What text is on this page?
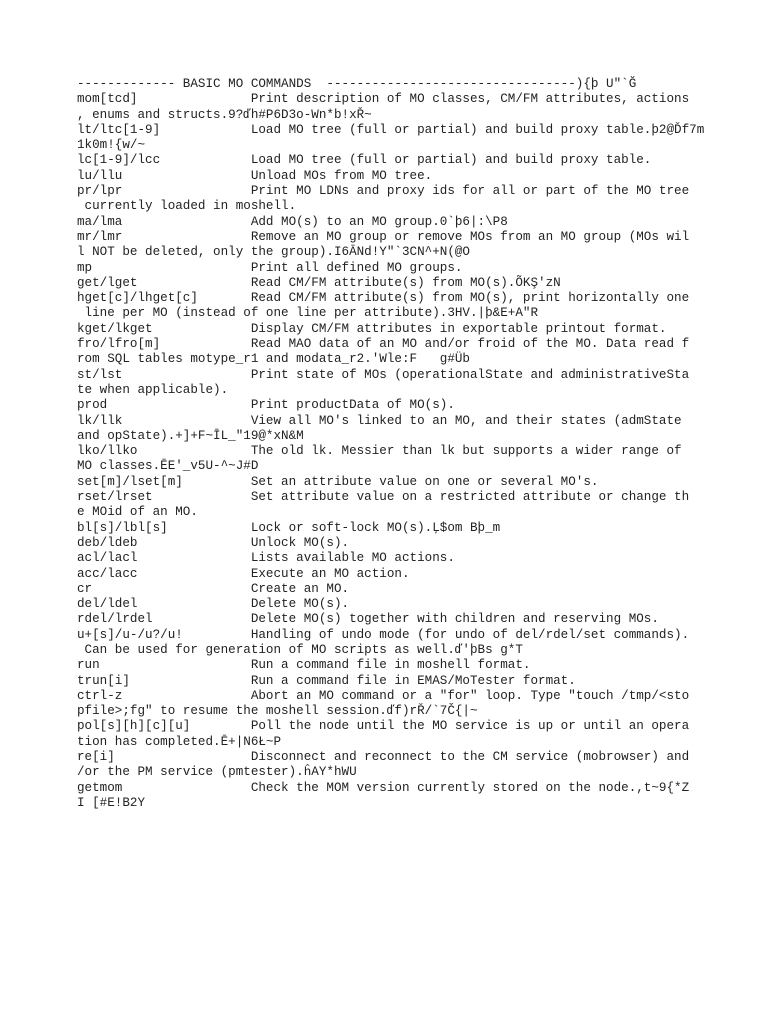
------------- BASIC MO COMMANDS  ---------------------------------){þ U"`Ğ
mom[tcd]               Print description of MO classes, CM/FM attributes, actions
, enums and structs.9?ďh#P6D3o-Wn*b!xŘ~
lt/ltc[1-9]            Load MO tree (full or partial) and build proxy table.þ2@Ďf7m
1k0m!{w/~
lc[1-9]/lcc            Load MO tree (full or partial) and build proxy table.
lu/llu                 Unload MOs from MO tree.
pr/lpr                 Print MO LDNs and proxy ids for all or part of the MO tree
currently loaded in moshell.
ma/lma                 Add MO(s) to an MO group.0`þ6|:\P8
mr/lmr                 Remove an MO group or remove MOs from an MO group (MOs wil
l NOT be deleted, only the group).I6ĀNd!Y"`3CN^+N(@O
mp                     Print all defined MO groups.
get/lget               Read CM/FM attribute(s) from MO(s).ÕKŞ'zN
hget[c]/lhget[c]       Read CM/FM attribute(s) from MO(s), print horizontally one
line per MO (instead of one line per attribute).3HV.|þ&E+A"R
kget/lkget             Display CM/FM attributes in exportable printout format.
fro/lfro[m]            Read MAO data of an MO and/or froid of the MO. Data read f
rom SQL tables motype_r1 and modata_r2.'Wle:F   g#Üb
st/lst                 Print state of MOs (operationalState and administrativeSta
te when applicable).
prod                   Print productData of MO(s).
lk/llk                 View all MO's linked to an MO, and their states (admState
and opState).+]+F~ĪL_"19@*xN&M
lko/llko               The old lk. Messier than lk but supports a wider range of
MO classes.ĒE'_v5U-^~J#D
set[m]/lset[m]         Set an attribute value on one or several MO's.
rset/lrset             Set attribute value on a restricted attribute or change th
e MOid of an MO.
bl[s]/lbl[s]           Lock or soft-lock MO(s).Ļ$om Bþ_m
deb/ldeb               Unlock MO(s).
acl/lacl               Lists available MO actions.
acc/lacc               Execute an MO action.
cr                     Create an MO.
del/ldel               Delete MO(s).
rdel/lrdel             Delete MO(s) together with children and reserving MOs.
u+[s]/u-/u?/u!         Handling of undo mode (for undo of del/rdel/set commands).
Can be used for generation of MO scripts as well.ď'þBs g*T
run                    Run a command file in moshell format.
trun[i]                Run a command file in EMAS/MoTester format.
ctrl-z                 Abort an MO command or a "for" loop. Type "touch /tmp/<sto
pfile>;fg" to resume the moshell session.ďf)rŘ/`7Č{|~
pol[s][h][c][u]        Poll the node until the MO service is up or until an opera
tion has completed.Ē+|N6Ł~P
re[i]                  Disconnect and reconnect to the CM service (mobrowser) and
/or the PM service (pmtester).ĥAY*hWU
getmom                 Check the MOM version currently stored on the node.,t~9{*Z
I [#E!B2Y
